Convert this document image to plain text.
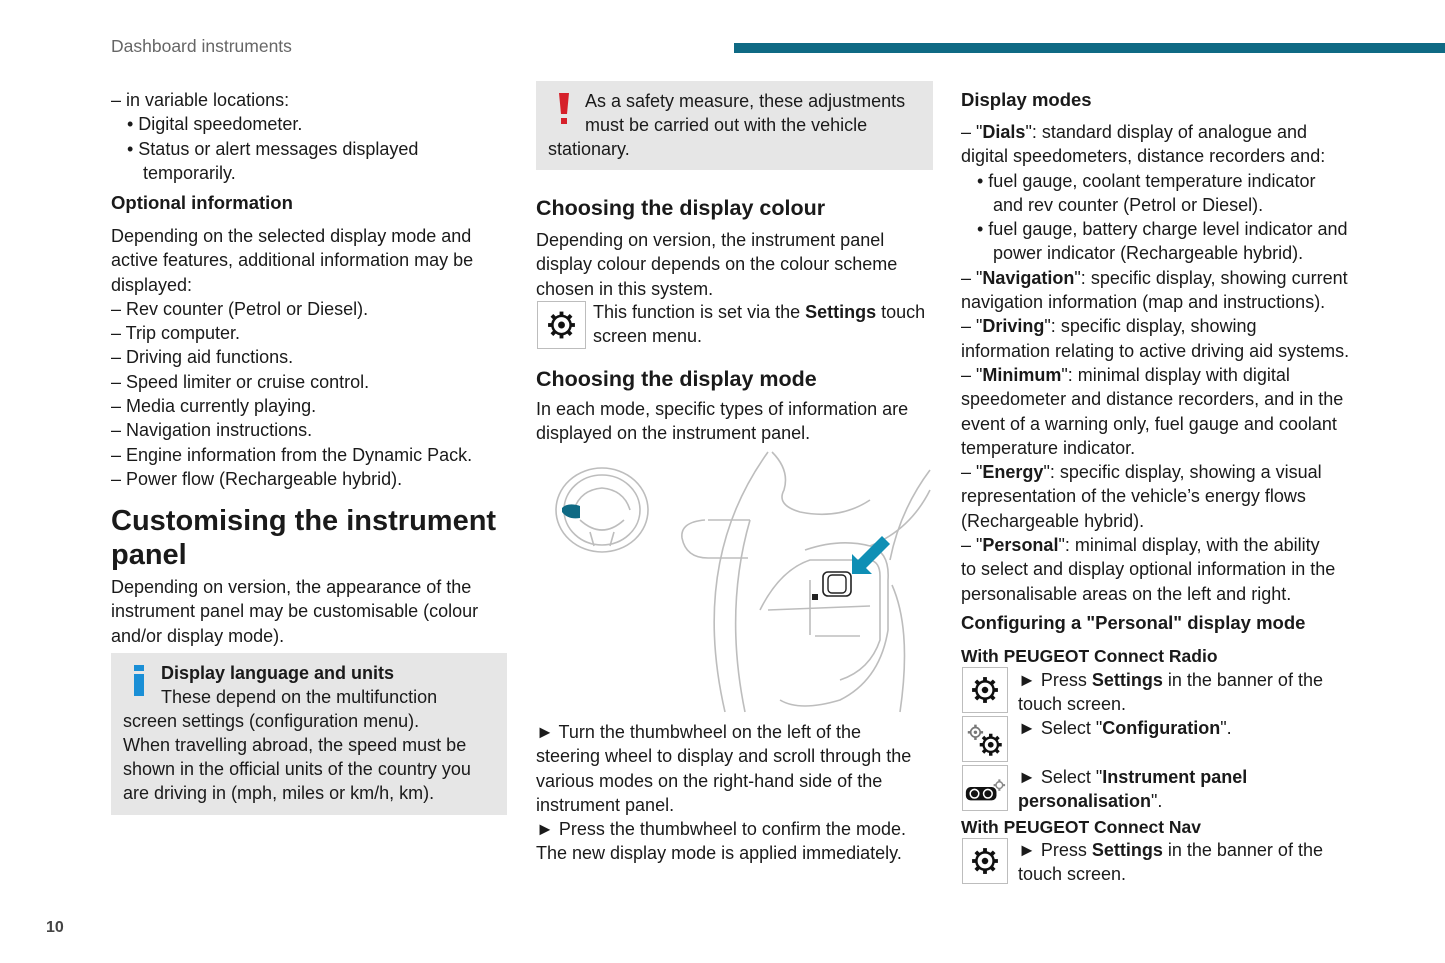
Dashboard instruments
10
– in variable locations:
• Digital speedometer.
• Status or alert messages displayed
temporarily.
Optional information
Depending on the selected display mode and
active features, additional information may be
displayed:
– Rev counter (Petrol or Diesel).
– Trip computer.
– Driving aid functions.
– Speed limiter or cruise control.
– Media currently playing.
– Navigation instructions.
– Engine information from the Dynamic Pack.
– Power flow (Rechargeable hybrid).
Customising the instrument
panel
Depending on version, the appearance of the
instrument panel may be customisable (colour
and/or display mode).
Display language and units
These depend on the multifunction
screen settings (configuration menu).
When travelling abroad, the speed must be
shown in the official units of the country you
are driving in (mph, miles or km/h, km).
As a safety measure, these adjustments
must be carried out with the vehicle
stationary.
Choosing the display colour
Depending on version, the instrument panel
display colour depends on the colour scheme
chosen in this system.
This function is set via the Settings touch
screen menu.
Choosing the display mode
In each mode, specific types of information are
displayed on the instrument panel.
► Turn the thumbwheel on the left of the
steering wheel to display and scroll through the
various modes on the right-hand side of the
instrument panel.
► Press the thumbwheel to confirm the mode.
The new display mode is applied immediately.
Display modes
– "Dials": standard display of analogue and
digital speedometers, distance recorders and:
• fuel gauge, coolant temperature indicator
and rev counter (Petrol or Diesel).
• fuel gauge, battery charge level indicator and
power indicator (Rechargeable hybrid).
– "Navigation": specific display, showing current
navigation information (map and instructions).
– "Driving": specific display, showing
information relating to active driving aid systems.
– "Minimum": minimal display with digital
speedometer and distance recorders, and in the
event of a warning only, fuel gauge and coolant
temperature indicator.
– "Energy": specific display, showing a visual
representation of the vehicle’s energy flows
(Rechargeable hybrid).
– "Personal": minimal display, with the ability
to select and display optional information in the
personalisable areas on the left and right.
Configuring a "Personal" display mode
With PEUGEOT Connect Radio
► Press Settings in the banner of the
touch screen.
► Select "Configuration".
► Select "Instrument panel
personalisation".
With PEUGEOT Connect Nav
► Press Settings in the banner of the
touch screen.
